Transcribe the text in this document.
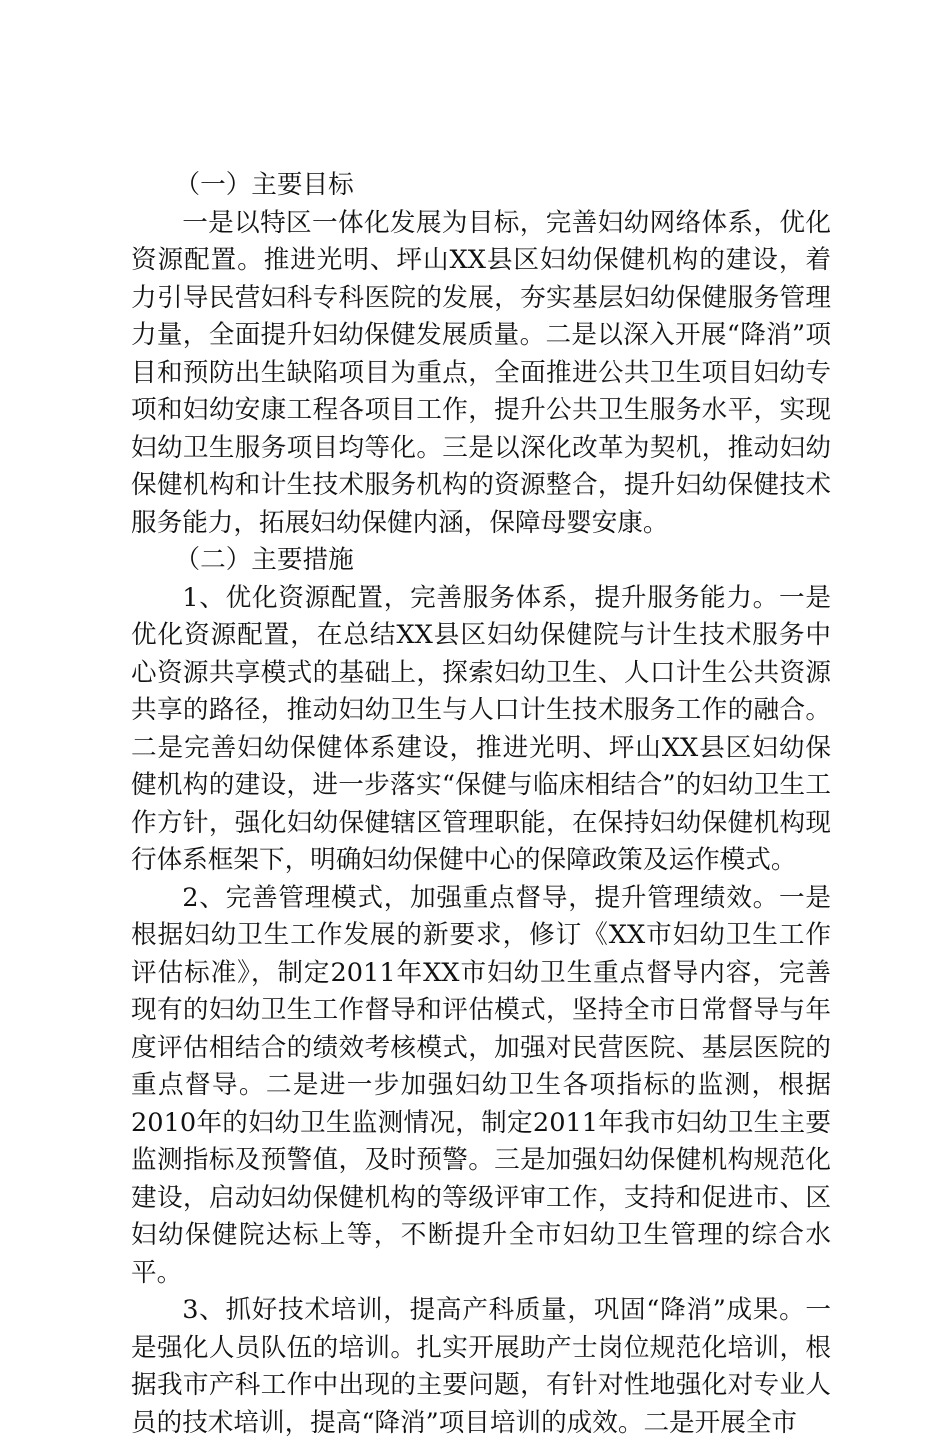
（一）主要目标

一是以特区一体化发展为目标，完善妇幼网络体系，优化资源配置。推进光明、坪山XX县区妇幼保健机构的建设，着力引导民营妇科专科医院的发展，夯实基层妇幼保健服务管理力量，全面提升妇幼保健发展质量。二是以深入开展“降消”项目和预防出生缺陷项目为重点，全面推进公共卫生项目妇幼专项和妇幼安康工程各项目工作，提升公共卫生服务水平，实现妇幼卫生服务项目均等化。三是以深化改革为契机，推动妇幼保健机构和计生技术服务机构的资源整合，提升妇幼保健技术服务能力，拓展妇幼保健内涵，保障母婴安康。

（二）主要措施

1、优化资源配置，完善服务体系，提升服务能力。一是优化资源配置，在总结XX县区妇幼保健院与计生技术服务中心资源共享模式的基础上，探索妇幼卫生、人口计生公共资源共享的路径，推动妇幼卫生与人口计生技术服务工作的融合。二是完善妇幼保健体系建设，推进光明、坪山XX县区妇幼保健机构的建设，进一步落实“保健与临床相结合”的妇幼卫生工作方针，强化妇幼保健辖区管理职能，在保持妇幼保健机构现行体系框架下，明确妇幼保健中心的保障政策及运作模式。

2、完善管理模式，加强重点督导，提升管理绩效。一是根据妇幼卫生工作发展的新要求，修订《XX市妇幼卫生工作评估标准》，制定2011年XX市妇幼卫生重点督导内容，完善现有的妇幼卫生工作督导和评估模式，坚持全市日常督导与年度评估相结合的绩效考核模式，加强对民营医院、基层医院的重点督导。二是进一步加强妇幼卫生各项指标的监测，根据2010年的妇幼卫生监测情况，制定2011年我市妇幼卫生主要监测指标及预警值，及时预警。三是加强妇幼保健机构规范化建设，启动妇幼保健机构的等级评审工作，支持和促进市、区妇幼保健院达标上等，不断提升全市妇幼卫生管理的综合水平。

3、抓好技术培训，提高产科质量，巩固“降消”成果。一是强化人员队伍的培训。扎实开展助产士岗位规范化培训，根据我市产科工作中出现的主要问题，有针对性地强化对专业人员的技术培训，提高“降消”项目培训的成效。二是开展全市
